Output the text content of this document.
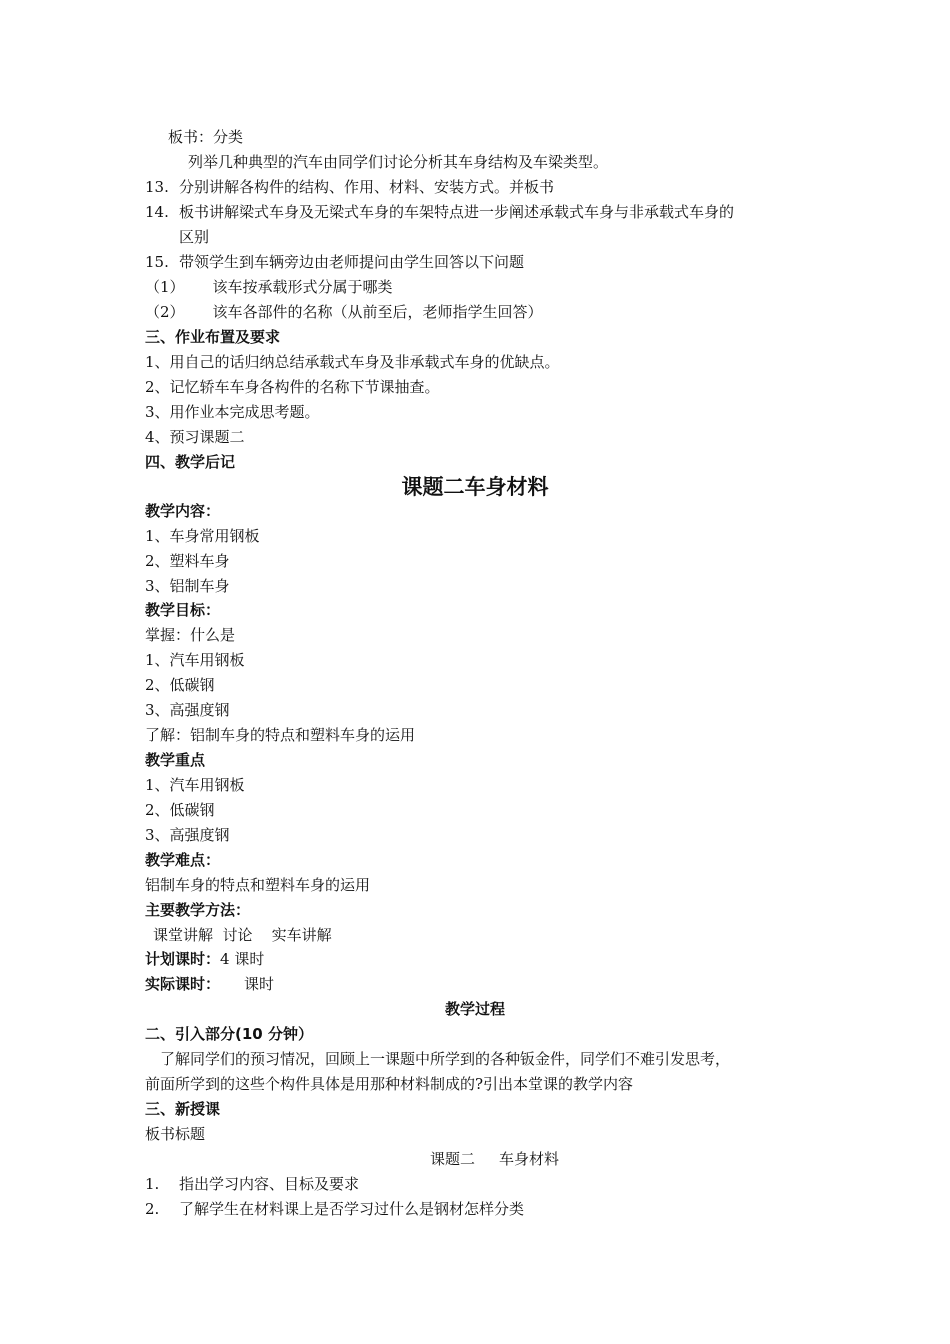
板书：分类
列举几种典型的汽车由同学们讨论分析其车身结构及车梁类型。
13. 分别讲解各构件的结构、作用、材料、安装方式。并板书
14. 板书讲解梁式车身及无梁式车身的车架特点进一步阐述承载式车身与非承载式车身的
区别
15. 带领学生到车辆旁边由老师提问由学生回答以下问题
（1） 该车按承载形式分属于哪类
（2） 该车各部件的名称（从前至后，老师指学生回答）
三、作业布置及要求
1、用自己的话归纳总结承载式车身及非承载式车身的优缺点。
2、记忆轿车车身各构件的名称下节课抽查。
3、用作业本完成思考题。
4、预习课题二
四、教学后记
课题二车身材料
教学内容：
1、车身常用钢板
2、塑料车身
3、铝制车身
教学目标：
掌握：什么是
1、汽车用钢板
2、低碳钢
3、高强度钢
了解：铝制车身的特点和塑料车身的运用
教学重点
1、汽车用钢板
2、低碳钢
3、高强度钢
教学难点：
铝制车身的特点和塑料车身的运用
主要教学方法：
课堂讲解  讨论    实车讲解
计划课时：4 课时
实际课时： 课时
教学过程
二、引入部分(10 分钟）
了解同学们的预习情况，回顾上一课题中所学到的各种钣金件，同学们不难引发思考，
前面所学到的这些个构件具体是用那种材料制成的?引出本堂课的教学内容
三、新授课
板书标题
课题二 车身材料
1. 指出学习内容、目标及要求
2. 了解学生在材料课上是否学习过什么是钢材怎样分类
